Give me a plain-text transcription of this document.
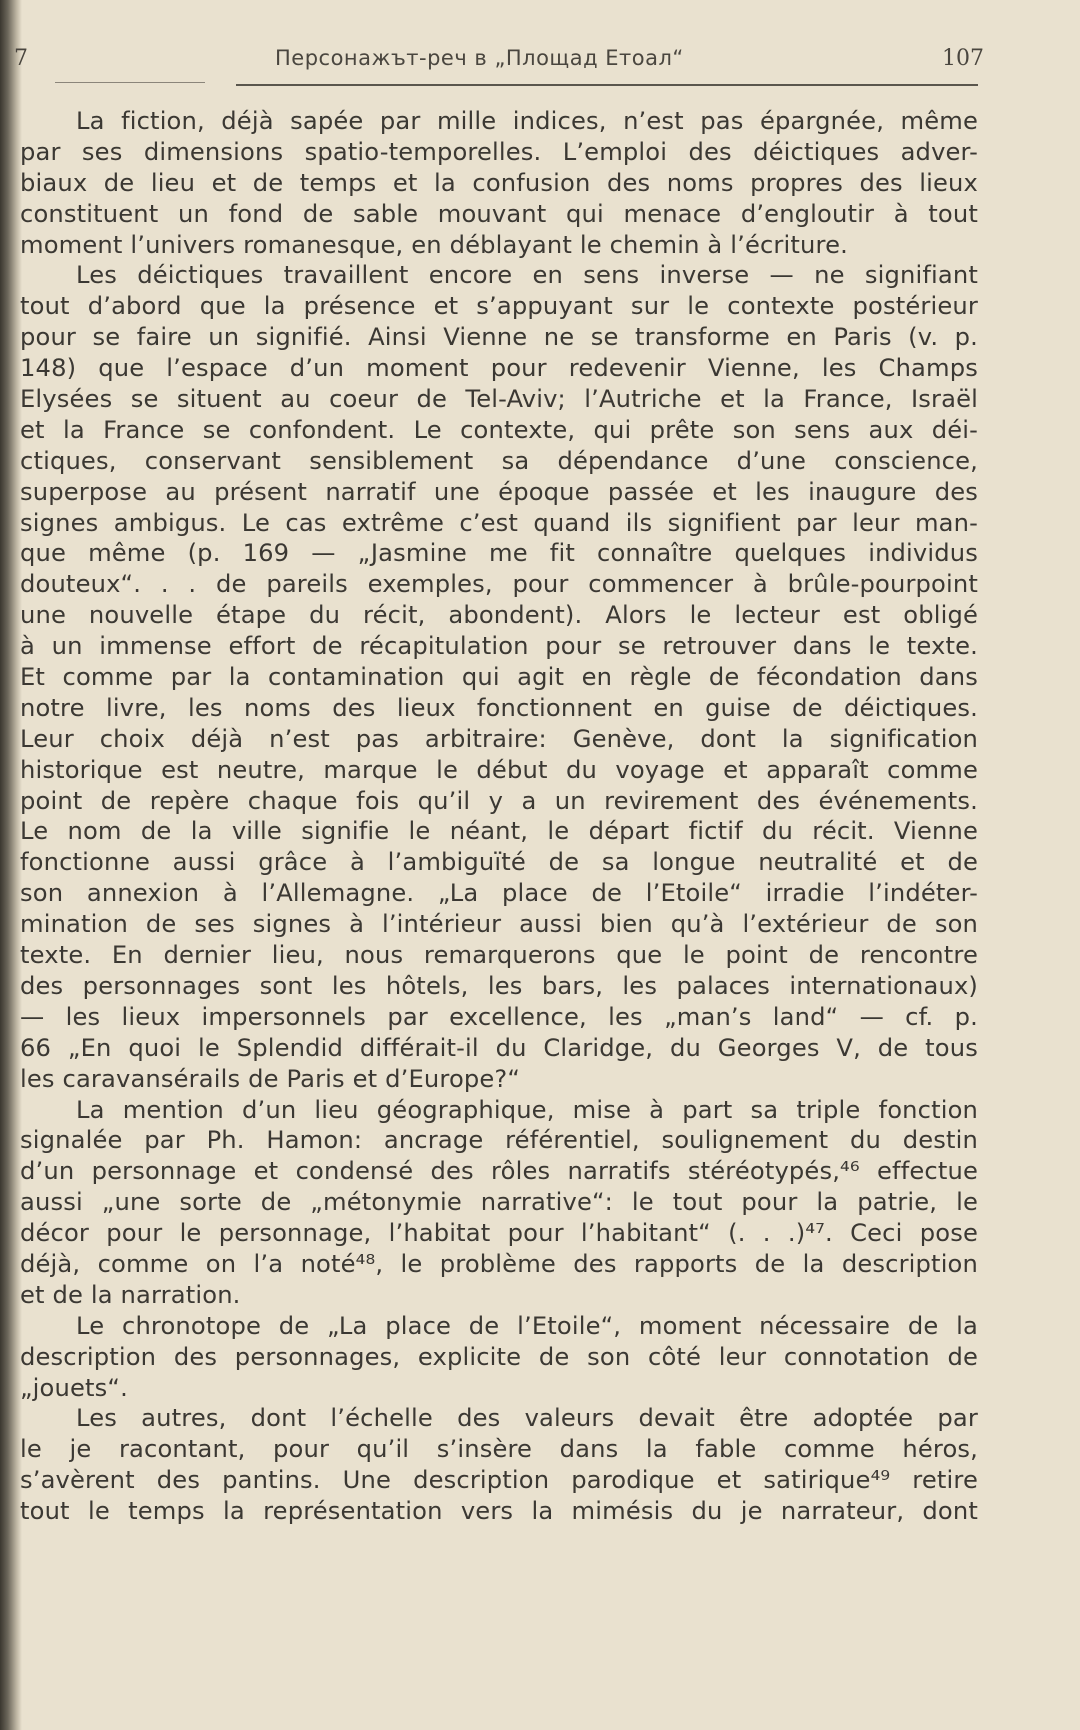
7	Персонажът-реч в „Площад Етоал“	107
La fiction, déjà sapée par mille indices, n’est pas épargnée, même
par ses dimensions spatio-temporelles. L’emploi des déictiques adver-
biaux de lieu et de temps et la confusion des noms propres des lieux
constituent un fond de sable mouvant qui menace d’engloutir à tout
moment l’univers romanesque, en déblayant le chemin à l’écriture.
Les déictiques travaillent encore en sens inverse — ne signifiant
tout d’abord que la présence et s’appuyant sur le contexte postérieur
pour se faire un signifié. Ainsi Vienne ne se transforme en Paris (v. p.
148) que l’espace d’un moment pour redevenir Vienne, les Champs
Elysées se situent au coeur de Tel-Aviv; l’Autriche et la France, Israël
et la France se confondent. Le contexte, qui prête son sens aux déi-
ctiques, conservant sensiblement sa dépendance d’une conscience,
superpose au présent narratif une époque passée et les inaugure des
signes ambigus. Le cas extrême c’est quand ils signifient par leur man-
que même (p. 169 — „Jasmine me fit connaître quelques individus
douteux“. . . de pareils exemples, pour commencer à brûle-pourpoint
une nouvelle étape du récit, abondent). Alors le lecteur est obligé
à un immense effort de récapitulation pour se retrouver dans le texte.
Et comme par la contamination qui agit en règle de fécondation dans
notre livre, les noms des lieux fonctionnent en guise de déictiques.
Leur choix déjà n’est pas arbitraire: Genève, dont la signification
historique est neutre, marque le début du voyage et apparaît comme
point de repère chaque fois qu’il y a un revirement des événements.
Le nom de la ville signifie le néant, le départ fictif du récit. Vienne
fonctionne aussi grâce à l’ambiguïté de sa longue neutralité et de
son annexion à l’Allemagne. „La place de l’Etoile“ irradie l’indéter-
mination de ses signes à l’intérieur aussi bien qu’à l’extérieur de son
texte. En dernier lieu, nous remarquerons que le point de rencontre
des personnages sont les hôtels, les bars, les palaces internationaux)
— les lieux impersonnels par excellence, les „man’s land“ — cf. p.
66 „En quoi le Splendid différait-il du Claridge, du Georges V, de tous
les caravansérails de Paris et d’Europe?“
La mention d’un lieu géographique, mise à part sa triple fonction
signalée par Ph. Hamon: ancrage référentiel, soulignement du destin
d’un personnage et condensé des rôles narratifs stéréotypés,⁴⁶ effectue
aussi „une sorte de „métonymie narrative“: le tout pour la patrie, le
décor pour le personnage, l’habitat pour l’habitant“ (. . .)⁴⁷. Ceci pose
déjà, comme on l’a noté⁴⁸, le problème des rapports de la description
et de la narration.
Le chronotope de „La place de l’Etoile“, moment nécessaire de la
description des personnages, explicite de son côté leur connotation de
„jouets“.
Les autres, dont l’échelle des valeurs devait être adoptée par
le je racontant, pour qu’il s’insère dans la fable comme héros,
s’avèrent des pantins. Une description parodique et satirique⁴⁹ retire
tout le temps la représentation vers la mimésis du je narrateur, dont
